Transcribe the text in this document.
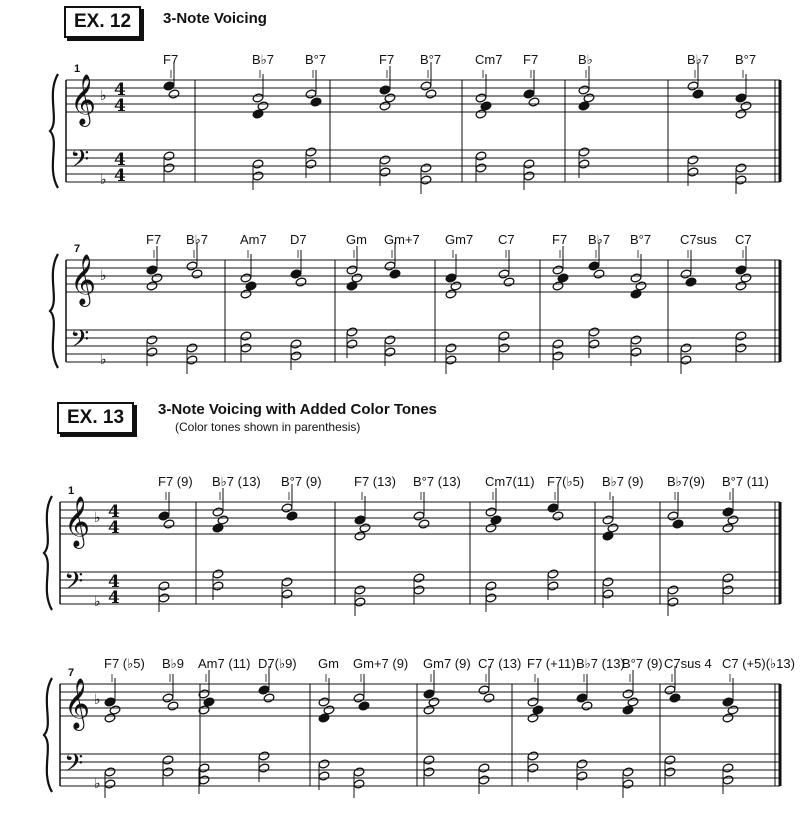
EX. 12	3-Note Voicing
EX. 13	3-Note Voicing with Added Color Tones
(Color tones shown in parenthesis)
1
𝄞
𝄢
♭
♭
4
4
4
4
F7	B♭7 B°7	F7 B°7	Cm7 F7	B♭	B♭7 B°7
7
𝄞
𝄢
♭
♭
F7 B♭7 Am7 D7	Gm Gm+7 Gm7 C7	F7 B♭7 B°7 C7sus C7
1
𝄞
𝄢
♭
♭
4
4
4
4
F7 (9) B♭7 (13) B°7 (9) F7 (13) B°7 (13) Cm7(11) F7(♭5) B♭7 (9) B♭7(9) B°7 (11)
7
𝄞
𝄢
♭
♭
F7 (♭5) B♭9 Am7 (11) D7(♭9) Gm Gm+7 (9) Gm7 (9) C7 (13) F7 (+11) B♭7 (13)
B°7 (9) C7sus 4 C7 (+5)(♭13)
